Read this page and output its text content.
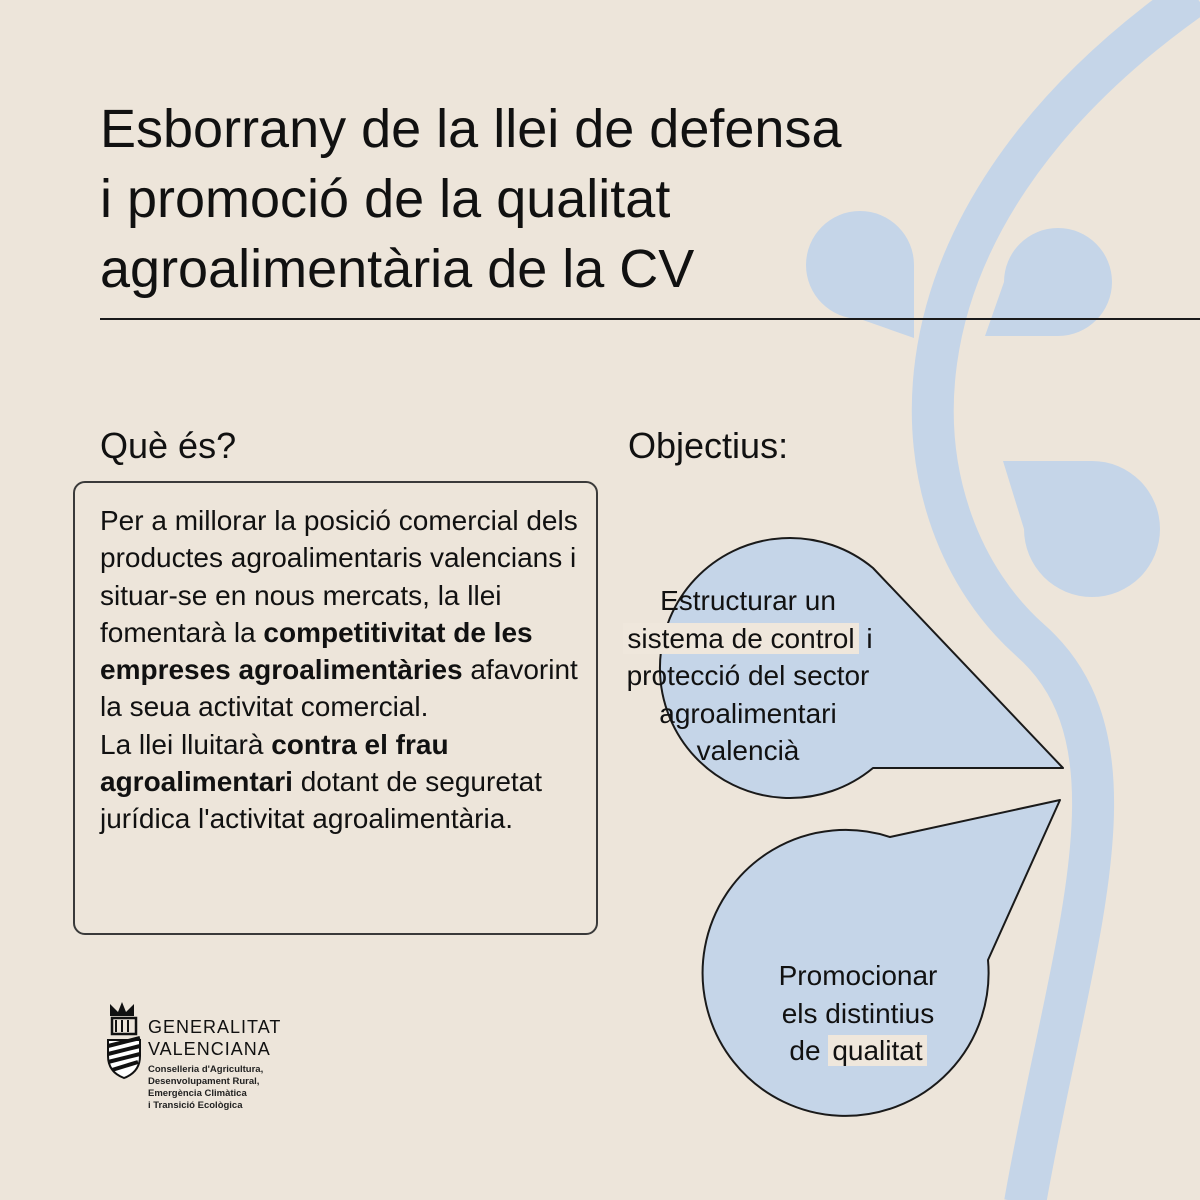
Esborrany de la llei de defensa
i promoció de la qualitat
agroalimentària de la CV
Què és?	Objectius:

Per a millorar la posició comercial dels productes agroalimentaris valencians i situar-se en nous mercats, la llei fomentarà la competitivitat de les empreses agroalimentàries afavorint la seua activitat comercial.
La llei lluitarà contra el frau agroalimentari dotant de seguretat jurídica l'activitat agroalimentària.

Estructurar un
sistema de control i
protecció del sector
agroalimentari
valencià

Promocionar
els distintius
de qualitat

GENERALITAT

VALENCIANA

Conselleria d'Agricultura,
Desenvolupament Rural,
Emergència Climàtica
i Transició Ecològica
